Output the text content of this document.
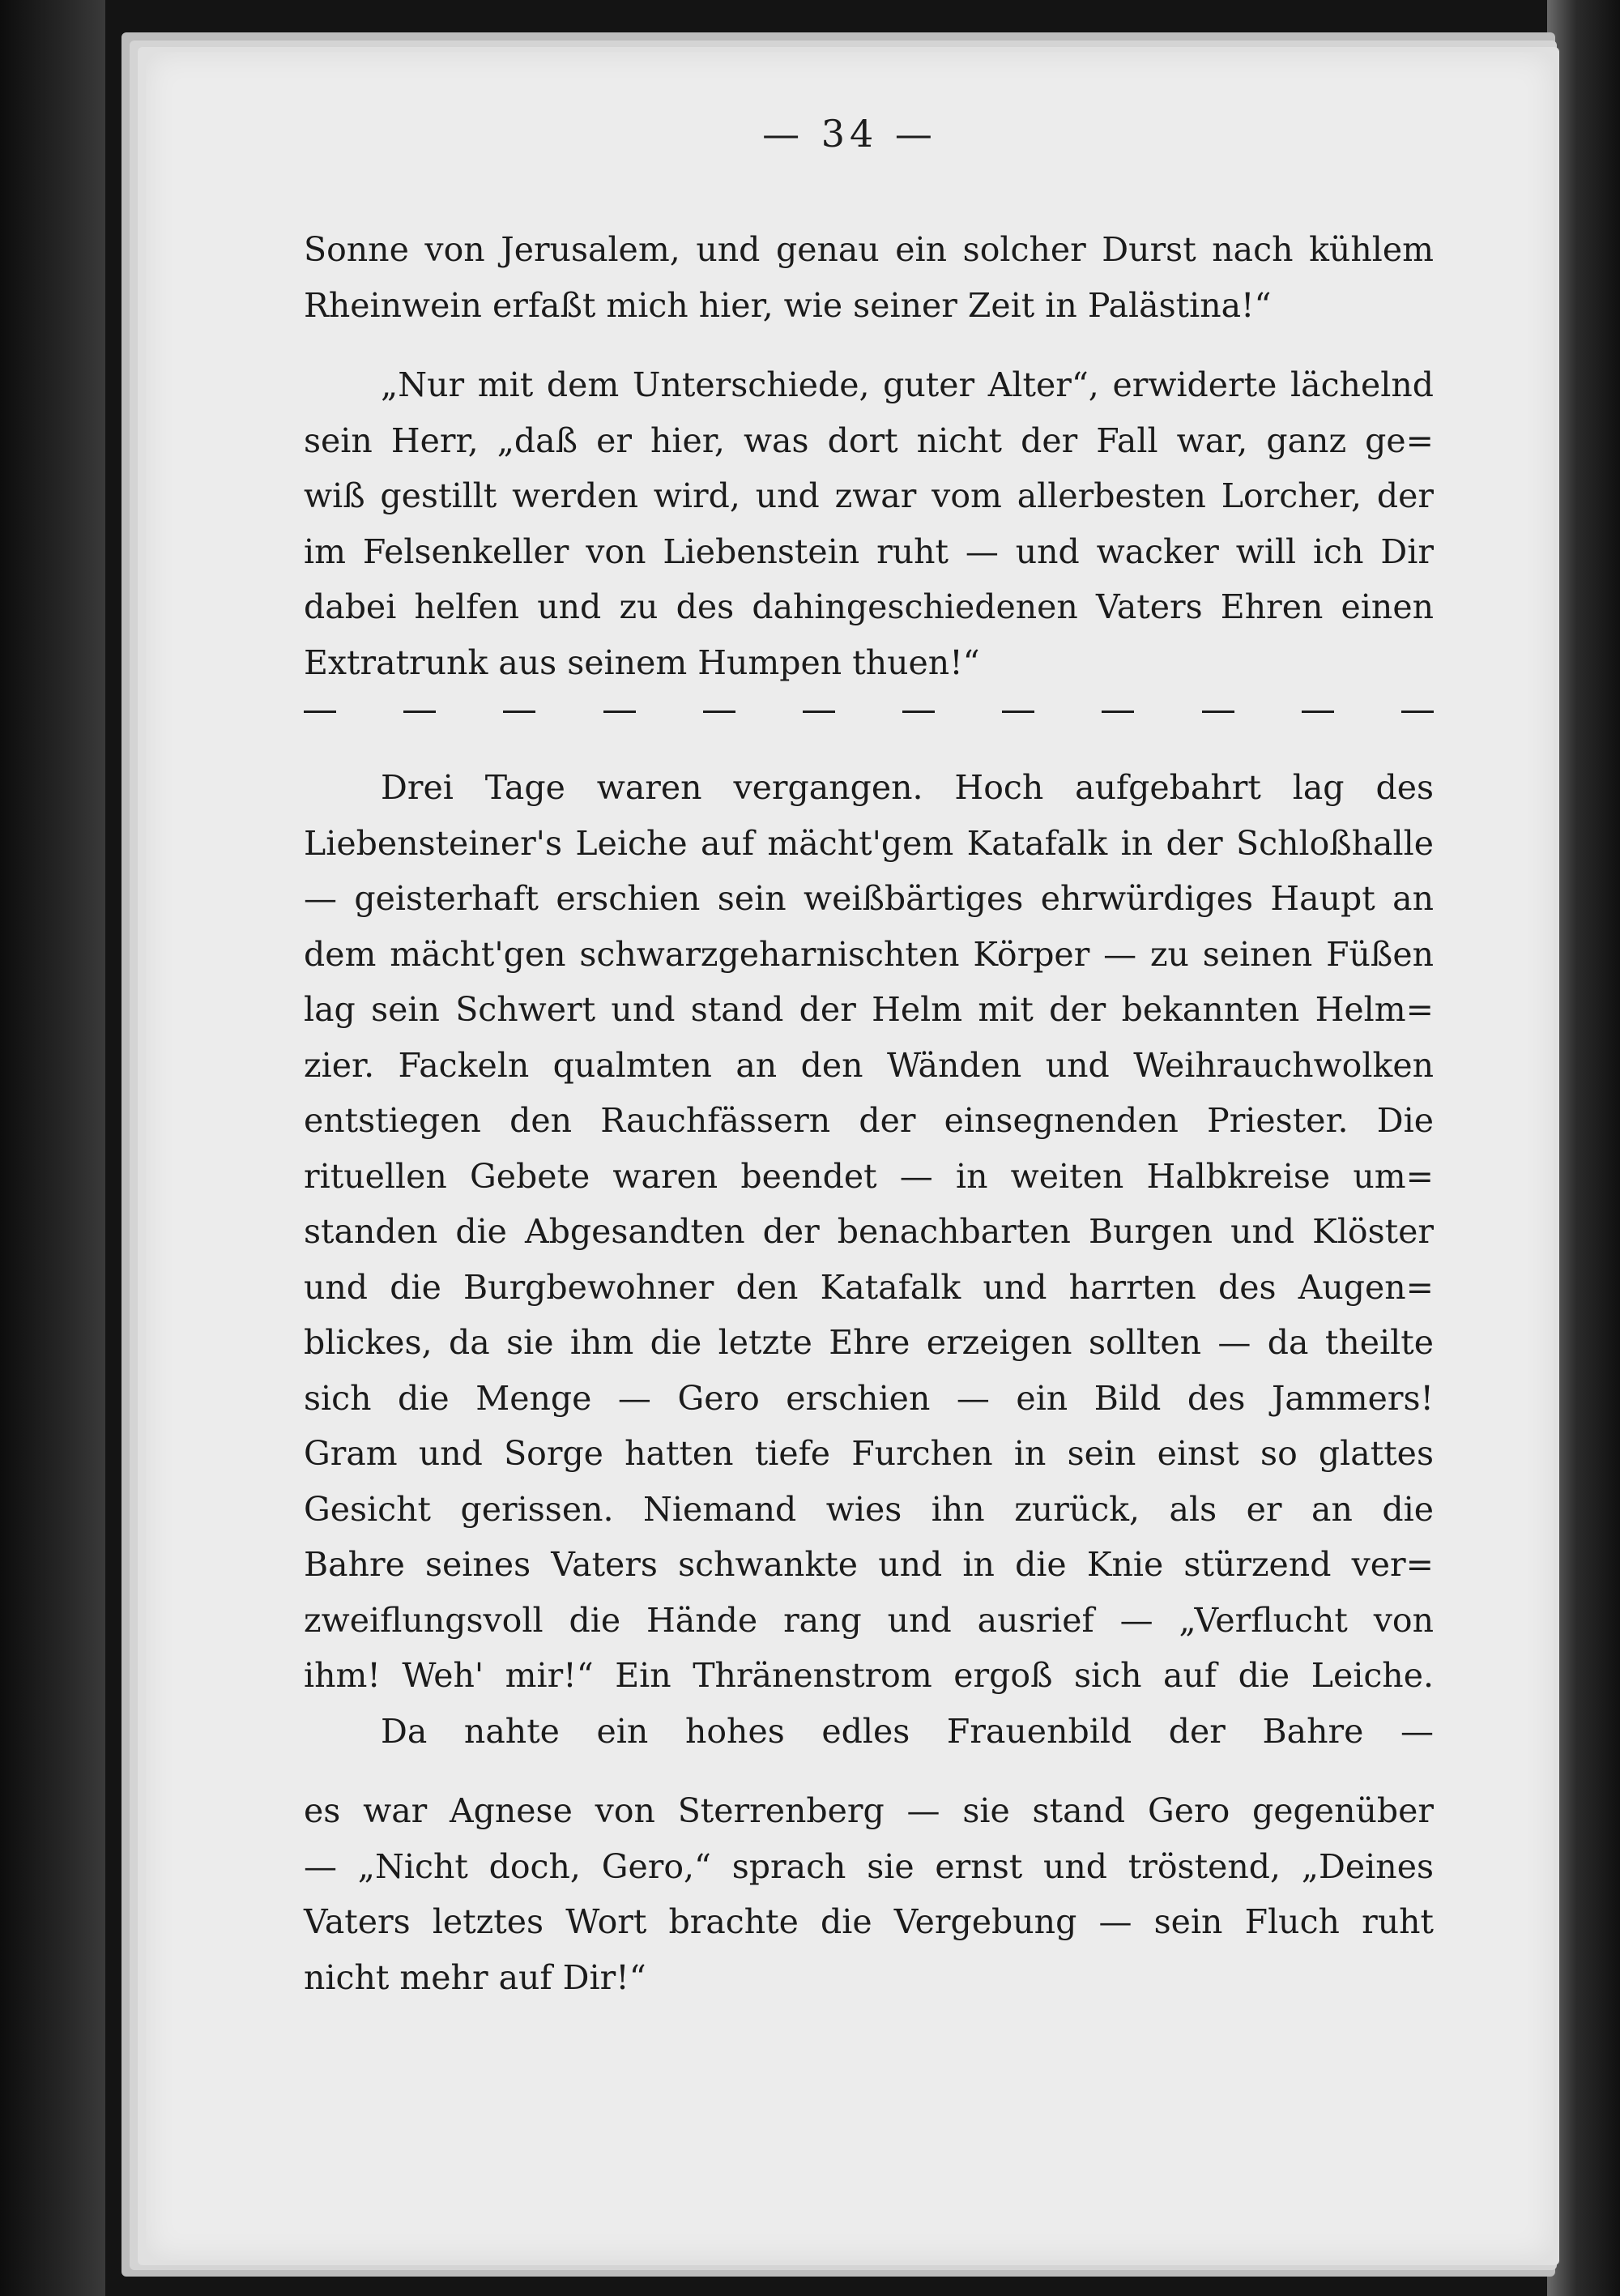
— 34 —
Sonne von Jerusalem, und genau ein solcher Durst nach kühlem
Rheinwein erfaßt mich hier, wie seiner Zeit in Palästina!“
„Nur mit dem Unterschiede, guter Alter“, erwiderte lächelnd
sein Herr, „daß er hier, was dort nicht der Fall war, ganz ge=
wiß gestillt werden wird, und zwar vom allerbesten Lorcher, der
im Felsenkeller von Liebenstein ruht — und wacker will ich Dir
dabei helfen und zu des dahingeschiedenen Vaters Ehren einen
Extratrunk aus seinem Humpen thuen!“
Drei Tage waren vergangen. Hoch aufgebahrt lag des
Liebensteiner's Leiche auf mächt'gem Katafalk in der Schloßhalle
— geisterhaft erschien sein weißbärtiges ehrwürdiges Haupt an
dem mächt'gen schwarzgeharnischten Körper — zu seinen Füßen
lag sein Schwert und stand der Helm mit der bekannten Helm=
zier. Fackeln qualmten an den Wänden und Weihrauchwolken
entstiegen den Rauchfässern der einsegnenden Priester. Die
rituellen Gebete waren beendet — in weiten Halbkreise um=
standen die Abgesandten der benachbarten Burgen und Klöster
und die Burgbewohner den Katafalk und harrten des Augen=
blickes, da sie ihm die letzte Ehre erzeigen sollten — da theilte
sich die Menge — Gero erschien — ein Bild des Jammers!
Gram und Sorge hatten tiefe Furchen in sein einst so glattes
Gesicht gerissen. Niemand wies ihn zurück, als er an die
Bahre seines Vaters schwankte und in die Knie stürzend ver=
zweiflungsvoll die Hände rang und ausrief — „Verflucht von
ihm! Weh' mir!“ Ein Thränenstrom ergoß sich auf die Leiche.
Da nahte ein hohes edles Frauenbild der Bahre —
es war Agnese von Sterrenberg — sie stand Gero gegenüber
— „Nicht doch, Gero,“ sprach sie ernst und tröstend, „Deines
Vaters letztes Wort brachte die Vergebung — sein Fluch ruht
nicht mehr auf Dir!“
